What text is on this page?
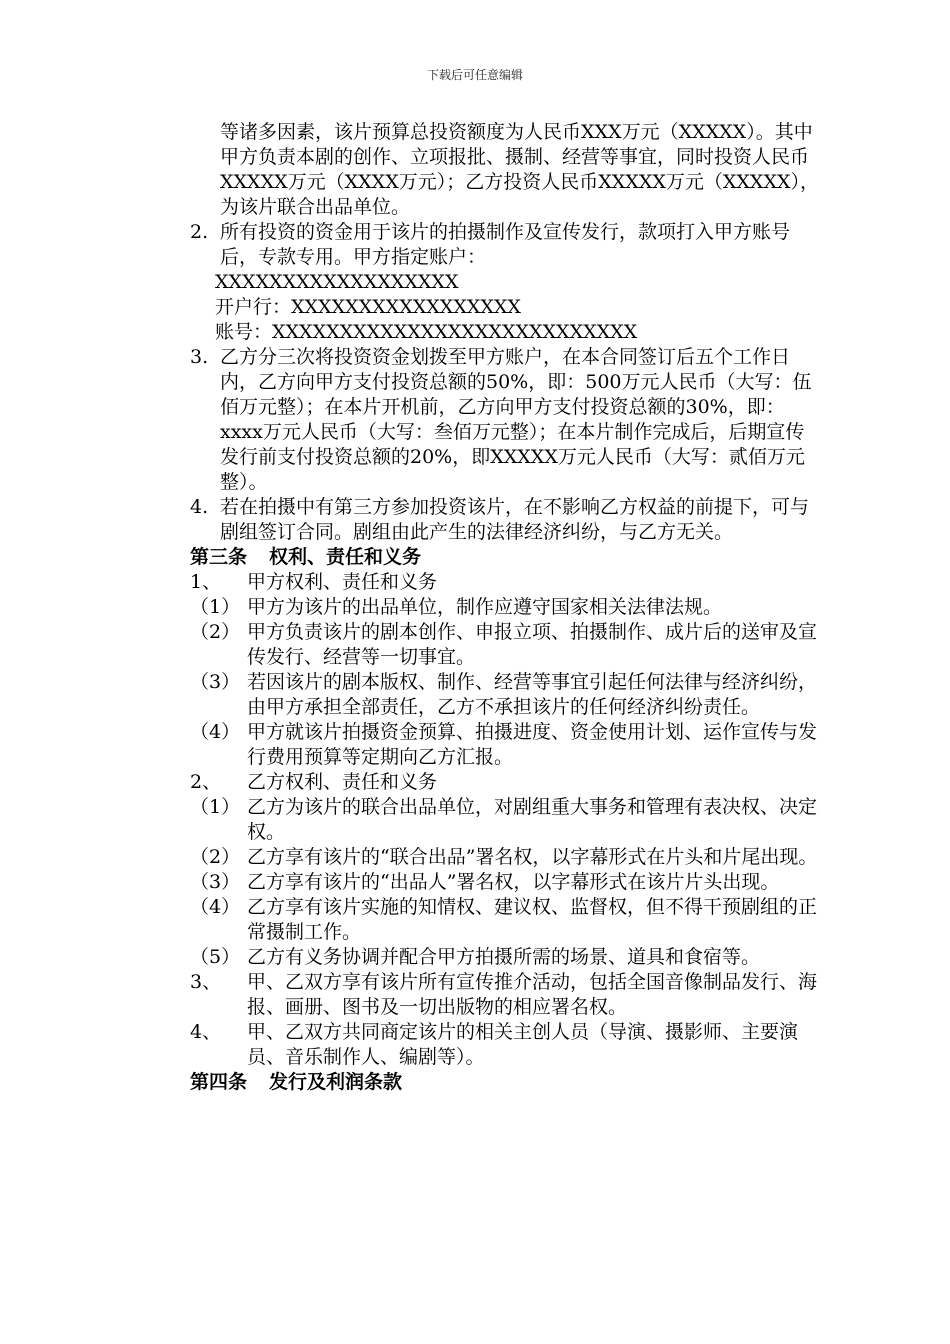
下载后可任意编辑
等诸多因素，该片预算总投资额度为人民币XXX万元（XXXXX）。其中甲方负责本剧的创作、立项报批、摄制、经营等事宜，同时投资人民币XXXXX万元（XXXX万元）；乙方投资人民币XXXXX万元（XXXXX），为该片联合出品单位。
2. 所有投资的资金用于该片的拍摄制作及宣传发行，款项打入甲方账号后，专款专用。甲方指定账户：
XXXXXXXXXXXXXXXXXX
开户行：XXXXXXXXXXXXXXXXX
账号：XXXXXXXXXXXXXXXXXXXXXXXXXXX
3. 乙方分三次将投资资金划拨至甲方账户，在本合同签订后五个工作日内，乙方向甲方支付投资总额的50%，即：500万元人民币（大写：伍佰万元整）；在本片开机前，乙方向甲方支付投资总额的30%，即：xxxx万元人民币（大写：叁佰万元整）；在本片制作完成后，后期宣传发行前支付投资总额的20%，即XXXXX万元人民币（大写：贰佰万元整）。
4. 若在拍摄中有第三方参加投资该片，在不影响乙方权益的前提下，可与剧组签订合同。剧组由此产生的法律经济纠纷，与乙方无关。
第三条 权利、责任和义务
1、 甲方权利、责任和义务
（1） 甲方为该片的出品单位，制作应遵守国家相关法律法规。
（2） 甲方负责该片的剧本创作、申报立项、拍摄制作、成片后的送审及宣传发行、经营等一切事宜。
（3） 若因该片的剧本版权、制作、经营等事宜引起任何法律与经济纠纷，由甲方承担全部责任，乙方不承担该片的任何经济纠纷责任。
（4） 甲方就该片拍摄资金预算、拍摄进度、资金使用计划、运作宣传与发行费用预算等定期向乙方汇报。
2、 乙方权利、责任和义务
（1） 乙方为该片的联合出品单位，对剧组重大事务和管理有表决权、决定权。
（2） 乙方享有该片的“联合出品”署名权，以字幕形式在片头和片尾出现。
（3） 乙方享有该片的“出品人”署名权，以字幕形式在该片片头出现。
（4） 乙方享有该片实施的知情权、建议权、监督权，但不得干预剧组的正常摄制工作。
（5） 乙方有义务协调并配合甲方拍摄所需的场景、道具和食宿等。
3、 甲、乙双方享有该片所有宣传推介活动，包括全国音像制品发行、海报、画册、图书及一切出版物的相应署名权。
4、 甲、乙双方共同商定该片的相关主创人员（导演、摄影师、主要演员、音乐制作人、编剧等）。
第四条 发行及利润条款
